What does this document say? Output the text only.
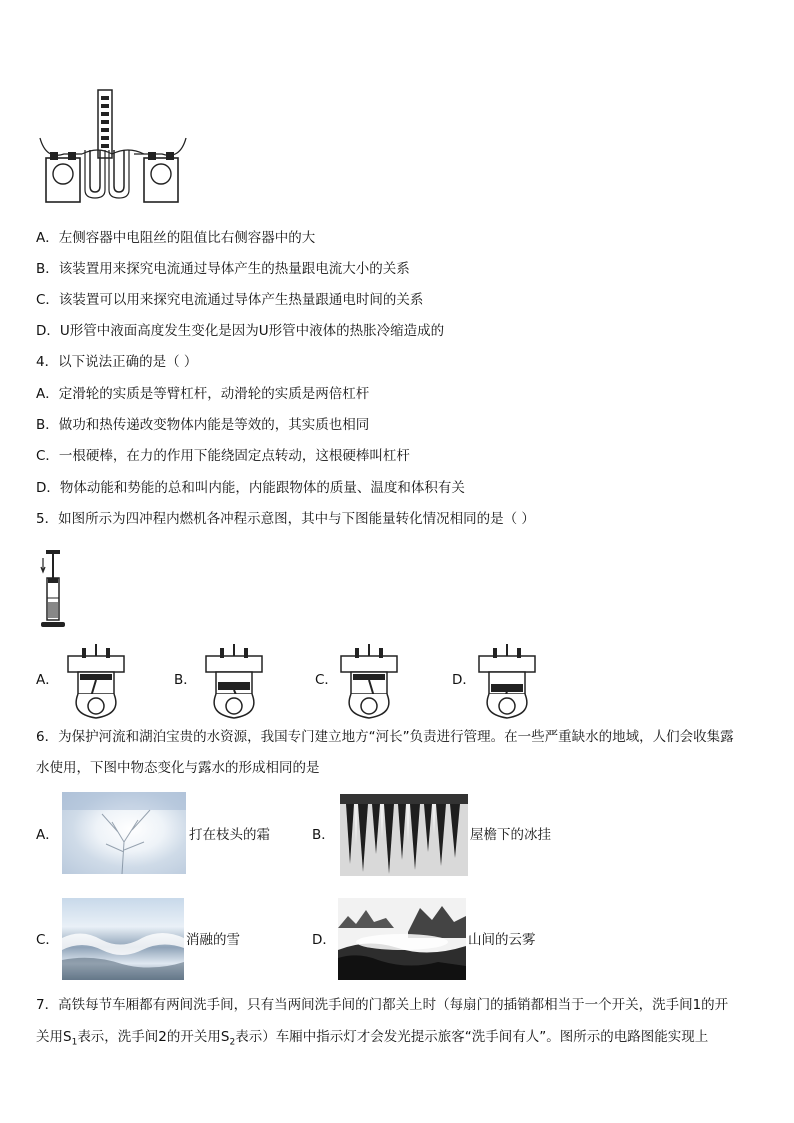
A．左侧容器中电阻丝的阻值比右侧容器中的大
B．该装置用来探究电流通过导体产生的热量跟电流大小的关系
C．该装置可以用来探究电流通过导体产生热量跟通电时间的关系
D．U形管中液面高度发生变化是因为U形管中液体的热胀冷缩造成的
4．以下说法正确的是（ ）
A．定滑轮的实质是等臂杠杆，动滑轮的实质是两倍杠杆
B．做功和热传递改变物体内能是等效的，其实质也相同
C．一根硬棒，在力的作用下能绕固定点转动，这根硬棒叫杠杆
D．物体动能和势能的总和叫内能，内能跟物体的质量、温度和体积有关
5．如图所示为四冲程内燃机各冲程示意图，其中与下图能量转化情况相同的是（ ）
A．	B．	C．	D．
6．为保护河流和湖泊宝贵的水资源，我国专门建立地方“河长”负责进行管理。在一些严重缺水的地域，人们会收集露
水使用，下图中物态变化与露水的形成相同的是
A．	打在枝头的霜	B．	屋檐下的冰挂
C．	消融的雪	D．	山间的云雾
7．高铁每节车厢都有两间洗手间，只有当两间洗手间的门都关上时（每扇门的插销都相当于一个开关，洗手间1的开
关用$S_1$表示，洗手间2的开关用$S_2$表示）车厢中指示灯才会发光提示旅客“洗手间有人”。图所示的电路图能实现上
